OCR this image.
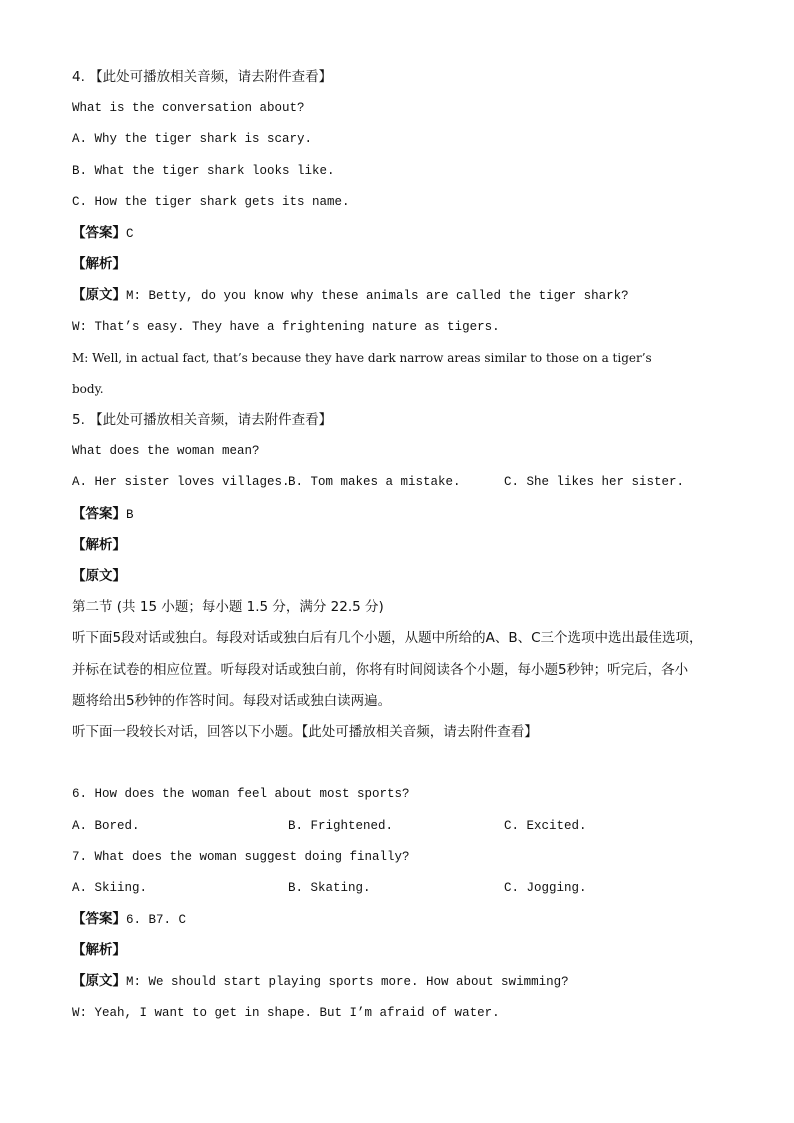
4. 【此处可播放相关音频，请去附件查看】
What is the conversation about?
A. Why the tiger shark is scary.
B. What the tiger shark looks like.
C. How the tiger shark gets its name.
【答案】C
【解析】
【原文】M: Betty, do you know why these animals are called the tiger shark?
W: That’s easy. They have a frightening nature as tigers.
M: Well, in actual fact, that’s because they have dark narrow areas similar to those on a tiger’s
body.
5. 【此处可播放相关音频，请去附件查看】
What does the woman mean?
A. Her sister loves villages.
B. Tom makes a mistake.	C. She likes her sister.
【答案】B
【解析】
【原文】
第二节 (共 15 小题；每小题 1.5 分，满分 22.5 分)
听下面5段对话或独白。每段对话或独白后有几个小题，从题中所给的A、B、C三个选项中选出最佳选项，
并标在试卷的相应位置。听每段对话或独白前，你将有时间阅读各个小题，每小题5秒钟；听完后，各小
题将给出5秒钟的作答时间。每段对话或独白读两遍。
听下面一段较长对话，回答以下小题。【此处可播放相关音频，请去附件查看】
6. How does the woman feel about most sports?
A. Bored.	B. Frightened.	C. Excited.
7. What does the woman suggest doing finally?
A. Skiing.	B. Skating.	C. Jogging.
【答案】6. B7. C
【解析】
【原文】M: We should start playing sports more. How about swimming?
W: Yeah, I want to get in shape. But I’m afraid of water.
